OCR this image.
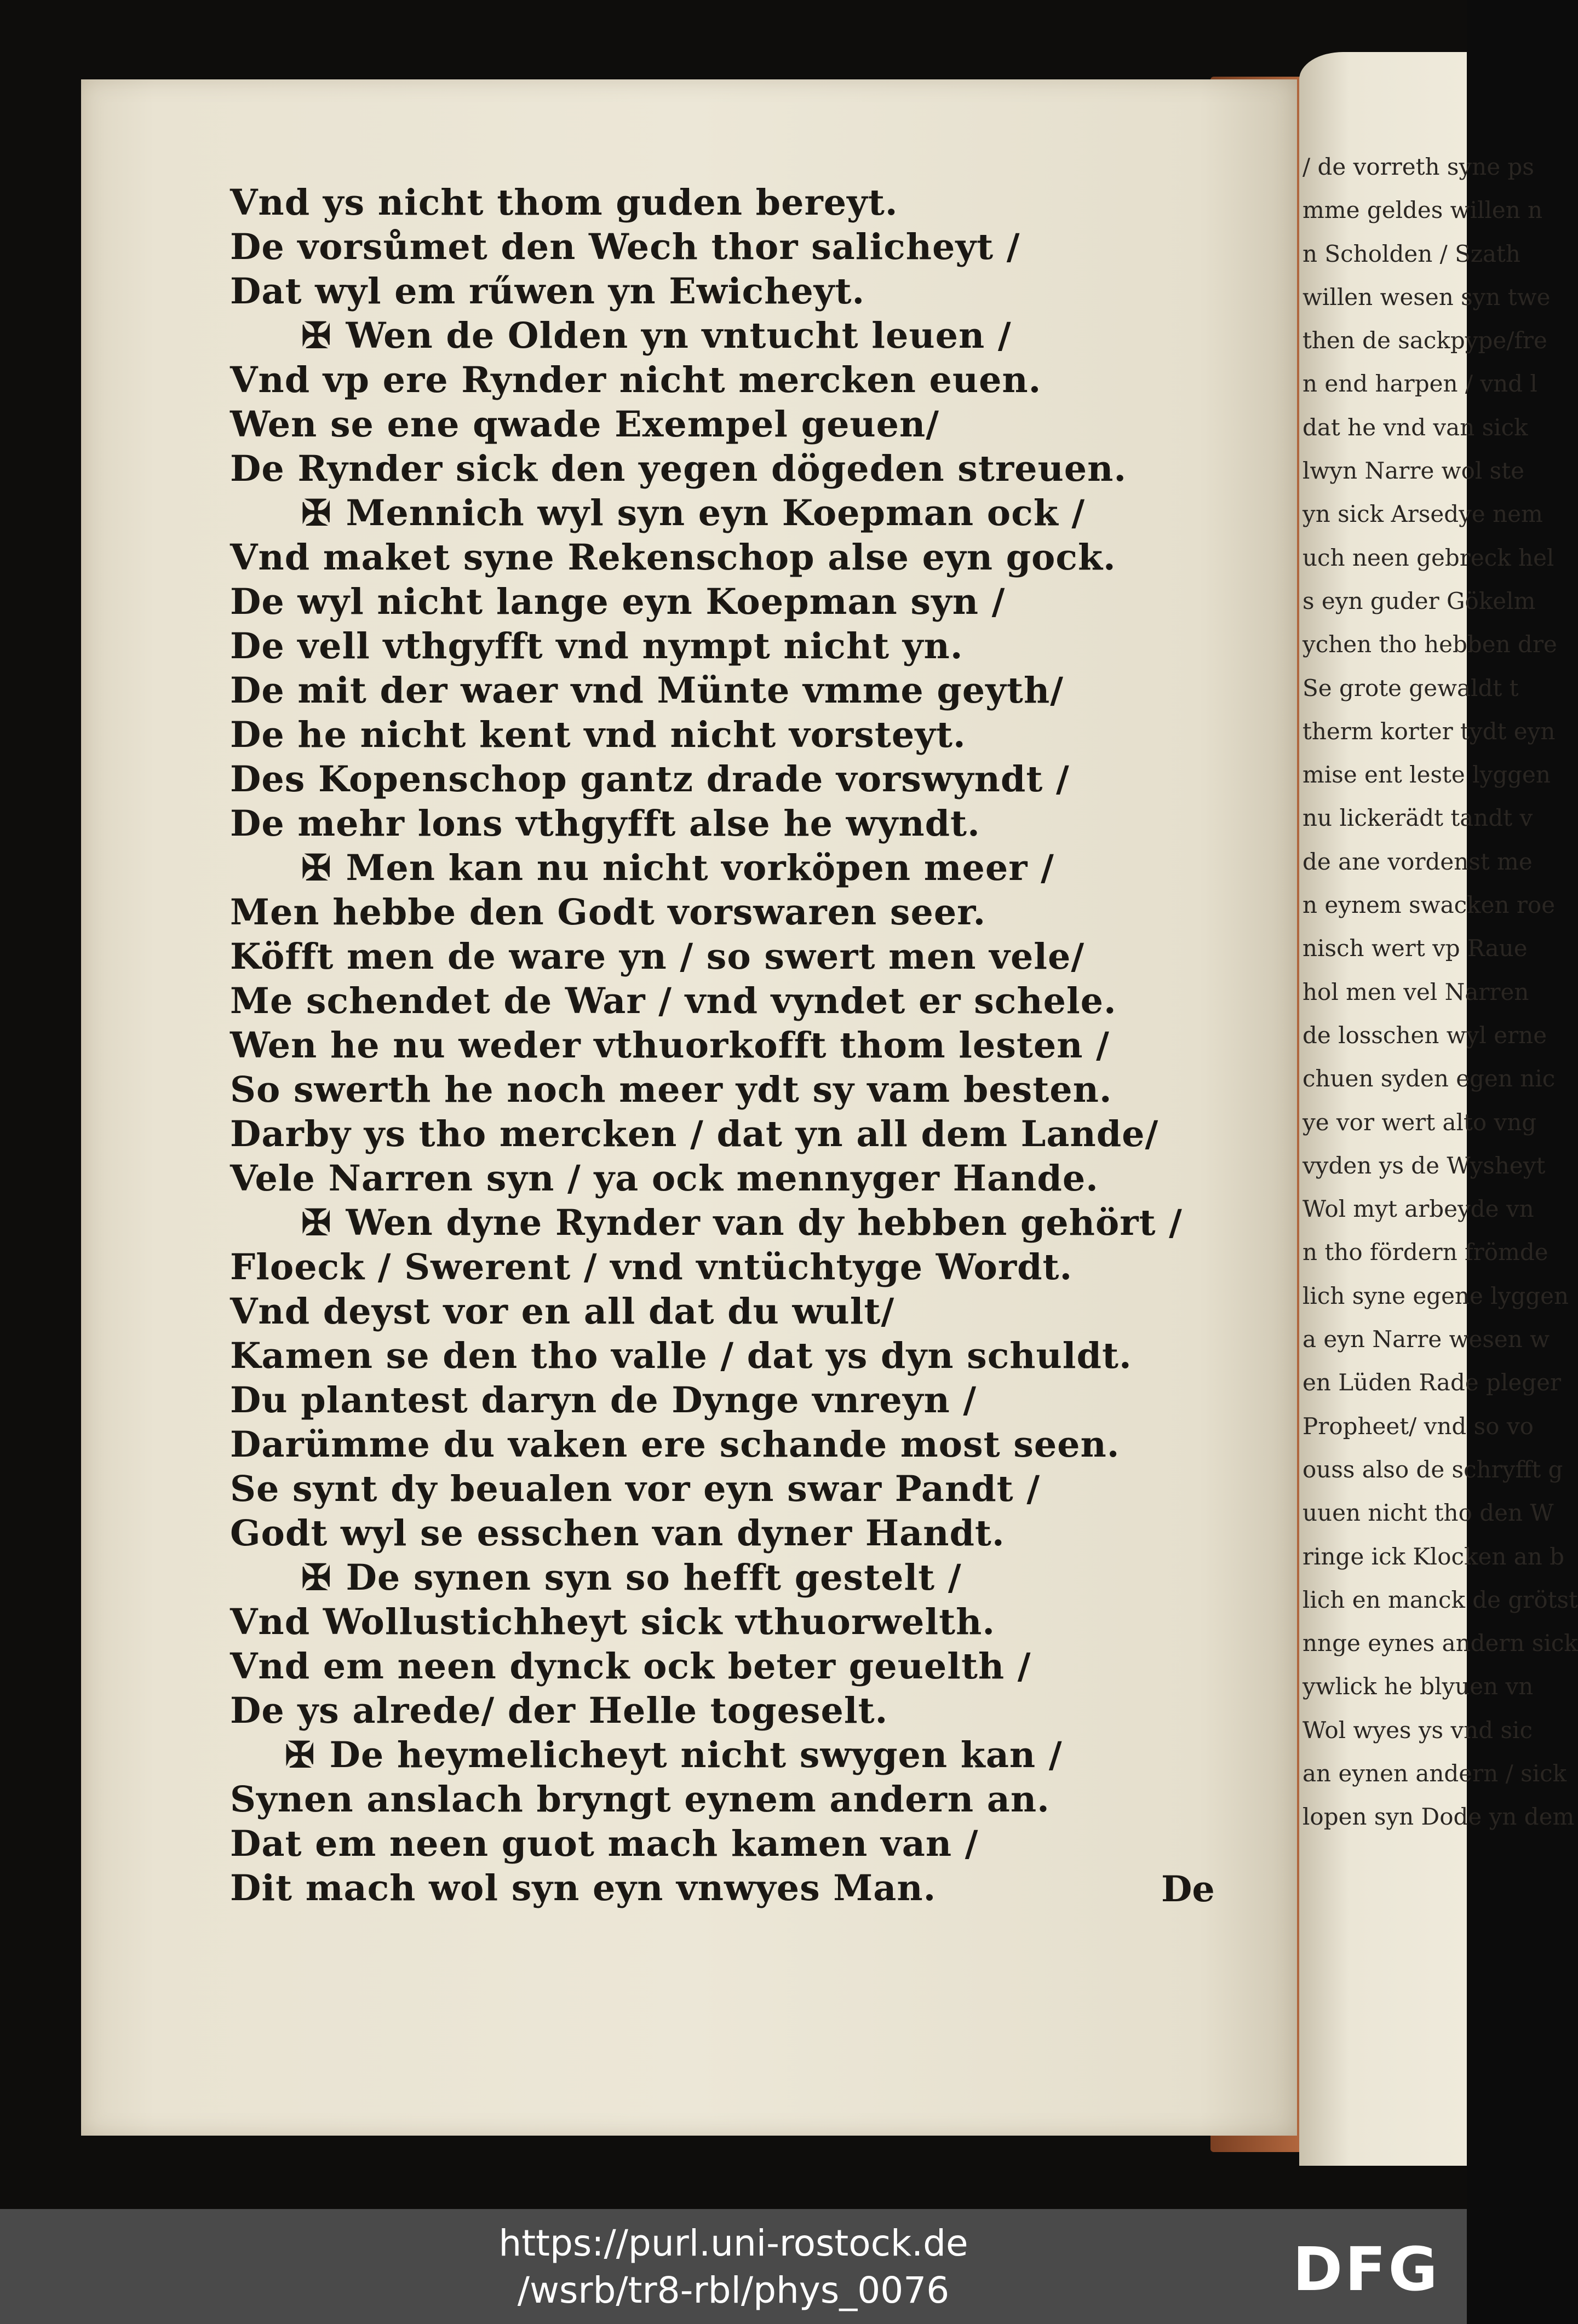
Vnd ys nicht thom guden bereyt.
De vorsůmet den Wech thor salicheyt /
Dat wyl em rűwen yn Ewicheyt.
✠ Wen de Olden yn vntucht leuen /
Vnd vp ere Rynder nicht mercken euen.
Wen se ene qwade Exempel geuen/
De Rynder sick den yegen dögeden streuen.
✠ Mennich wyl syn eyn Koepman ock /
Vnd maket syne Rekenschop alse eyn gock.
De wyl nicht lange eyn Koepman syn /
De vell vthgyfft vnd nympt nicht yn.
De mit der waer vnd Münte vmme geyth/
De he nicht kent vnd nicht vorsteyt.
Des Kopenschop gantz drade vorswyndt /
De mehr lons vthgyfft alse he wyndt.
✠ Men kan nu nicht vorköpen meer /
Men hebbe den Godt vorswaren seer.
Köfft men de ware yn / so swert men vele/
Me schendet de War / vnd vyndet er schele.
Wen he nu weder vthuorkofft thom lesten /
So swerth he noch meer ydt sy vam besten.
Darby ys tho mercken / dat yn all dem Lande/
Vele Narren syn / ya ock mennyger Hande.
✠ Wen dyne Rynder van dy hebben gehört /
Floeck / Swerent / vnd vntüchtyge Wordt.
Vnd deyst vor en all dat du wult/
Kamen se den tho valle / dat ys dyn schuldt.
Du plantest daryn de Dynge vnreyn /
Darümme du vaken ere schande most seen.
Se synt dy beualen vor eyn swar Pandt /
Godt wyl se esschen van dyner Handt.
✠ De synen syn so hefft gestelt /
Vnd Wollustichheyt sick vthuorwelth.
Vnd em neen dynck ock beter geuelth /
De ys alrede/ der Helle togeselt.
✠ De heymelicheyt nicht swygen kan /
Synen anslach bryngt eynem andern an.
Dat em neen guot mach kamen van /
Dit mach wol syn eyn vnwyes Man.	De
/ de vorreth syne ps
mme geldes willen n
n Scholden / Szath
willen wesen syn twe
then de sackpype/fre
n end harpen / vnd l
dat he vnd van sick
lwyn Narre wol ste
yn sick Arsedye nem
uch neen gebreck hel
s eyn guder Gökelm
ychen tho hebben dre
Se grote gewaldt t
therm korter tydt eyn
mise ent leste lyggen
nu lickerädt tandt v
de ane vordenst me
n eynem swacken roe
nisch wert vp Raue
hol men vel Narren
de losschen wyl erne
chuen syden egen nic
ye vor wert alto vng
vyden ys de Wysheyt
Wol myt arbeyde vn
n tho fördern frömde
lich syne egene lyggen
a eyn Narre wesen w
en Lüden Rade pleger
Propheet/ vnd so vo
ouss also de schryfft g
uuen nicht tho den W
ringe ick Klocken an b
lich en manck de grötst
nnge eynes andern sick
ywlick he blyuen vn
Wol wyes ys vnd sic
an eynen andern / sick
lopen syn Dode yn dem
https://purl.uni-rostock.de
/wsrb/tr8-rbl/phys_0076	DFG
